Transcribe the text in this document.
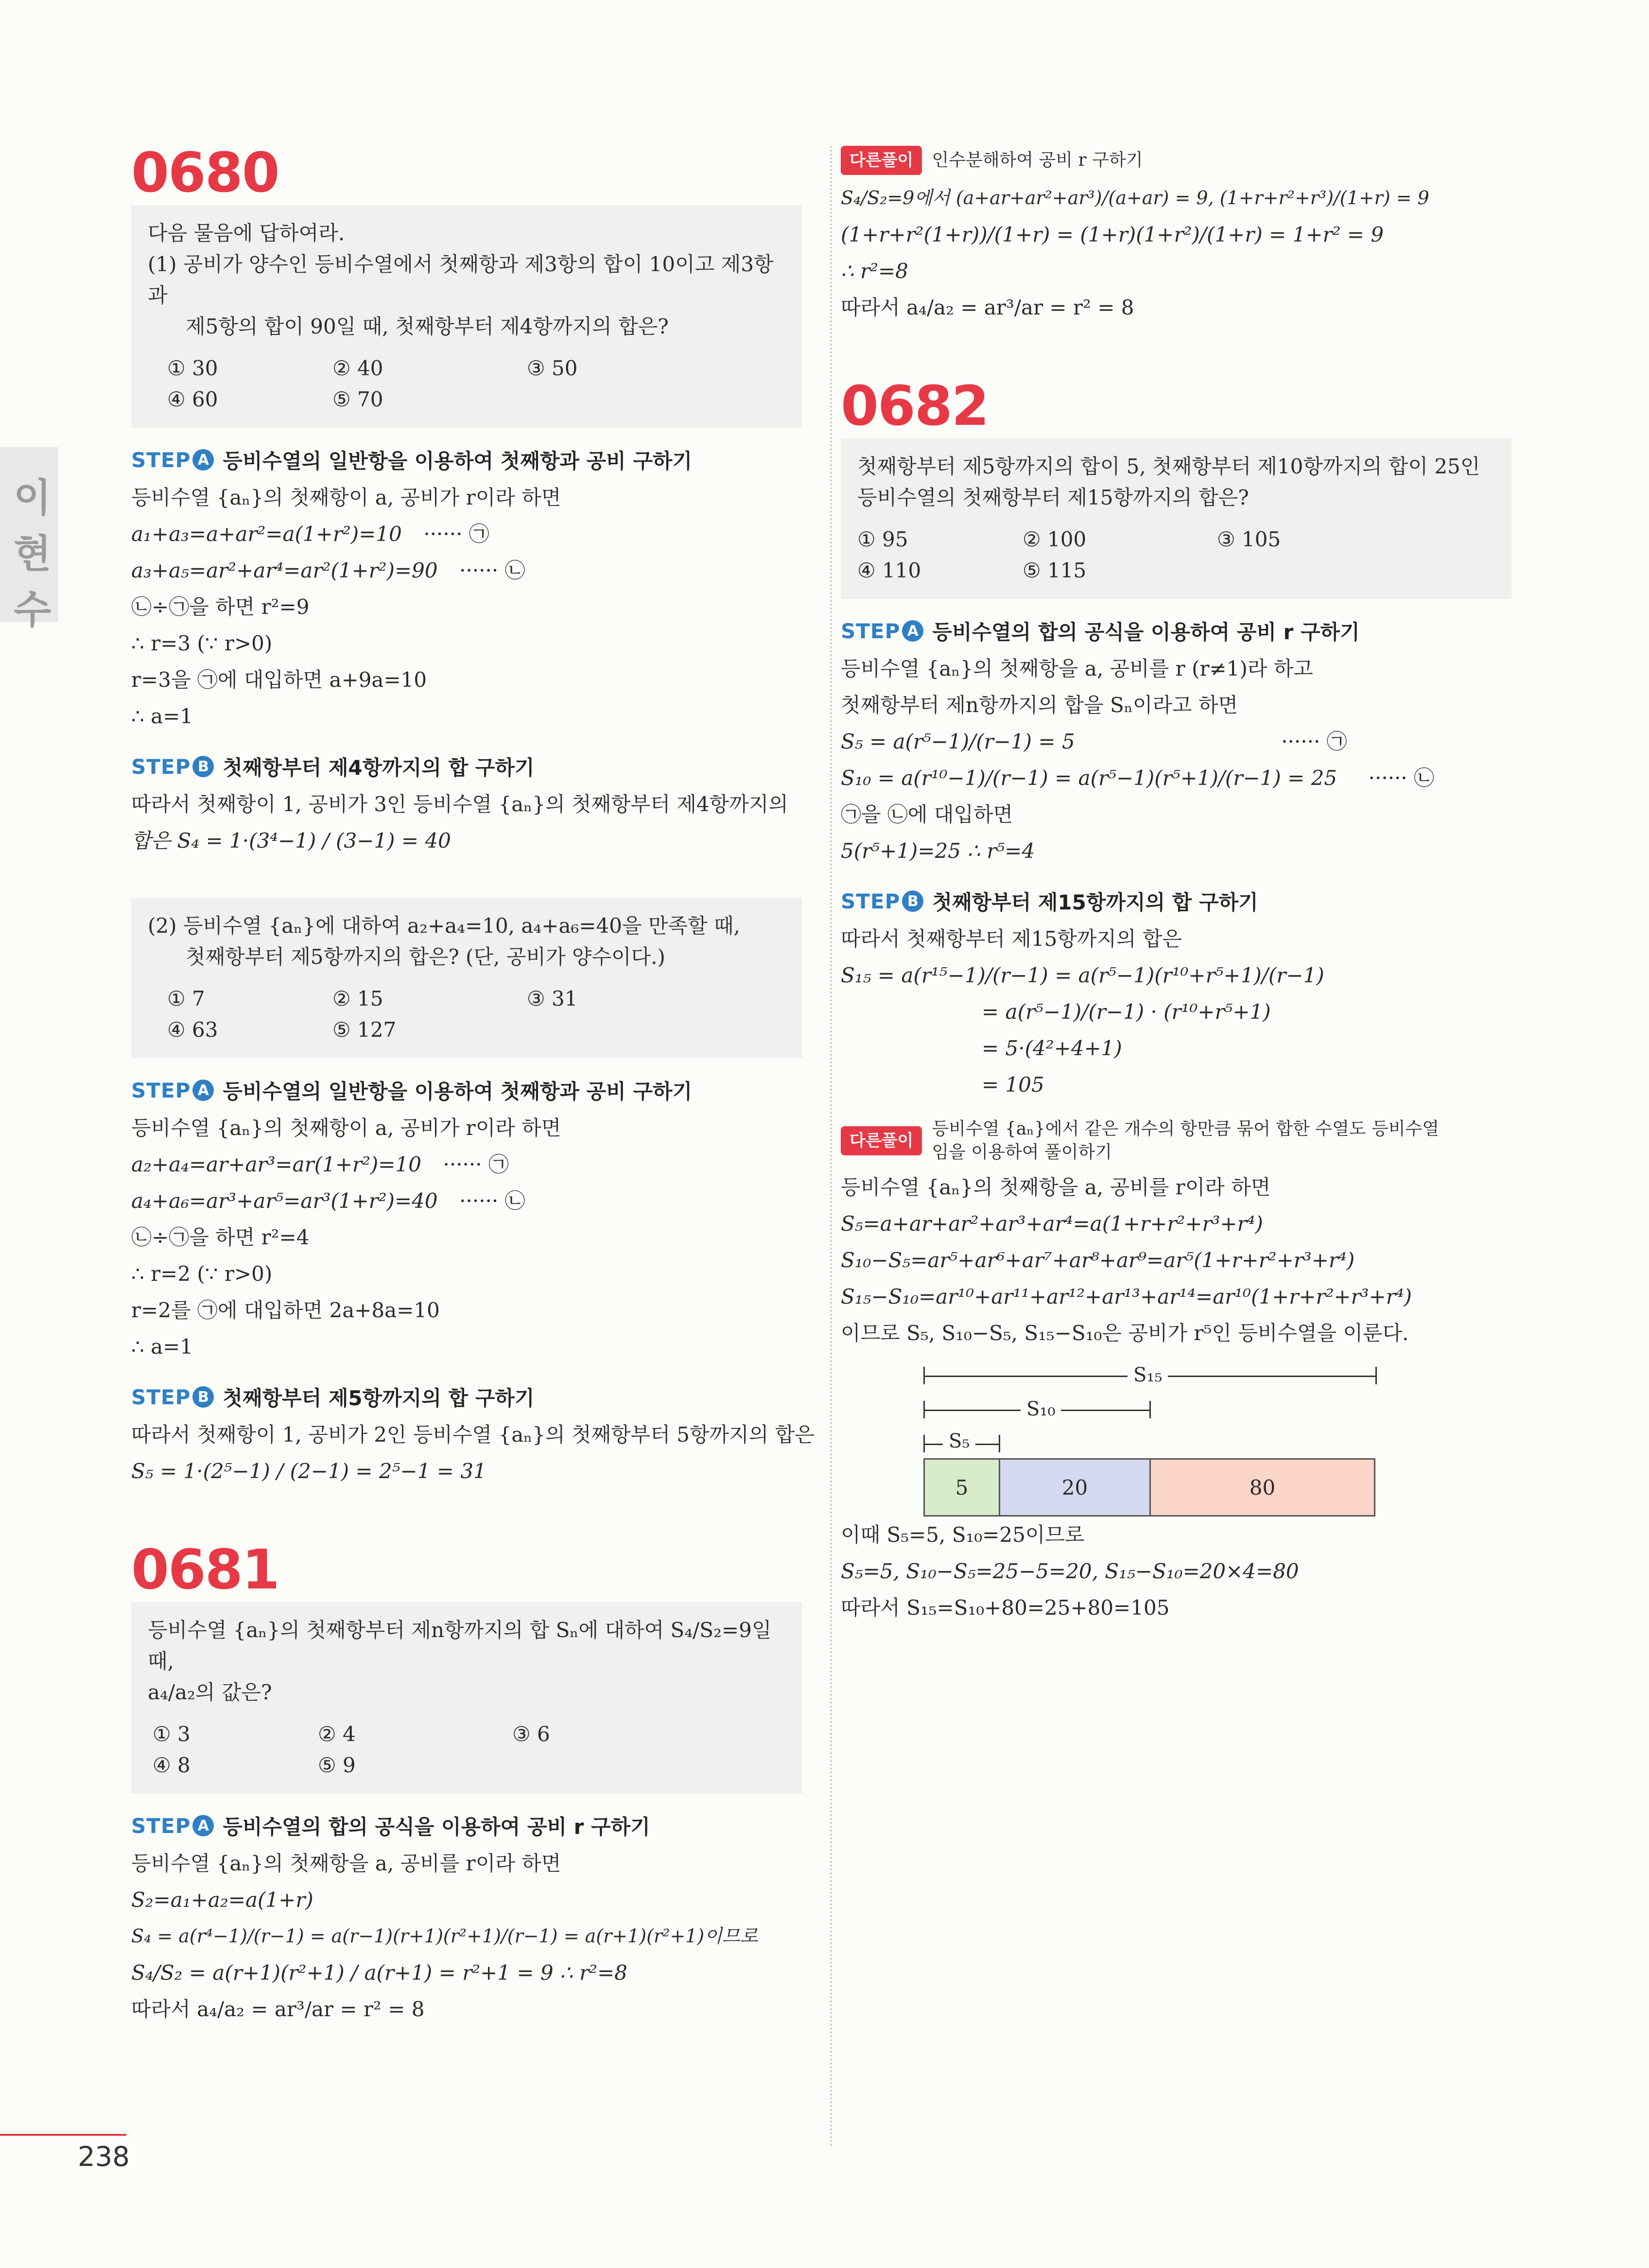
이현수
0680
다음 물음에 답하여라.
(1) 공비가 양수인 등비수열에서 첫째항과 제3항의 합이 10이고 제3항과
제5항의 합이 90일 때, 첫째항부터 제4항까지의 합은?
① 30	② 40	③ 50
④ 60	⑤ 70
STEP A 등비수열의 일반항을 이용하여 첫째항과 공비 구하기
등비수열 {aₙ}의 첫째항이 a, 공비가 r이라 하면
a₁+a₃=a+ar²=a(1+r²)=10 ······ ㉠
a₃+a₅=ar²+ar⁴=ar²(1+r²)=90 ······ ㉡
㉡÷㉠을 하면 r²=9
∴ r=3 (∵ r>0)
r=3을 ㉠에 대입하면 a+9a=10
∴ a=1
STEP B 첫째항부터 제4항까지의 합 구하기
따라서 첫째항이 1, 공비가 3인 등비수열 {aₙ}의 첫째항부터 제4항까지의
합은 S₄ = 1·(3⁴−1) / (3−1) = 40
(2) 등비수열 {aₙ}에 대하여 a₂+a₄=10, a₄+a₆=40을 만족할 때,
첫째항부터 제5항까지의 합은? (단, 공비가 양수이다.)
① 7	② 15	③ 31
④ 63	⑤ 127
STEP A 등비수열의 일반항을 이용하여 첫째항과 공비 구하기
등비수열 {aₙ}의 첫째항이 a, 공비가 r이라 하면
a₂+a₄=ar+ar³=ar(1+r²)=10 ······ ㉠
a₄+a₆=ar³+ar⁵=ar³(1+r²)=40 ······ ㉡
㉡÷㉠을 하면 r²=4
∴ r=2 (∵ r>0)
r=2를 ㉠에 대입하면 2a+8a=10
∴ a=1
STEP B 첫째항부터 제5항까지의 합 구하기
따라서 첫째항이 1, 공비가 2인 등비수열 {aₙ}의 첫째항부터 5항까지의 합은
S₅ = 1·(2⁵−1) / (2−1) = 2⁵−1 = 31
0681
등비수열 {aₙ}의 첫째항부터 제n항까지의 합 Sₙ에 대하여 S₄/S₂=9일 때,
a₄/a₂의 값은?
① 3	② 4	③ 6
④ 8	⑤ 9
STEP A 등비수열의 합의 공식을 이용하여 공비 r 구하기
등비수열 {aₙ}의 첫째항을 a, 공비를 r이라 하면
S₂=a₁+a₂=a(1+r)
S₄ = a(r⁴−1)/(r−1) = a(r−1)(r+1)(r²+1)/(r−1) = a(r+1)(r²+1)이므로
S₄/S₂ = a(r+1)(r²+1) / a(r+1) = r²+1 = 9 ∴ r²=8
따라서 a₄/a₂ = ar³/ar = r² = 8
다른풀이	인수분해하여 공비 r 구하기
S₄/S₂=9에서 (a+ar+ar²+ar³)/(a+ar) = 9, (1+r+r²+r³)/(1+r) = 9
(1+r+r²(1+r))/(1+r) = (1+r)(1+r²)/(1+r) = 1+r² = 9
∴ r²=8
따라서 a₄/a₂ = ar³/ar = r² = 8
0682
첫째항부터 제5항까지의 합이 5, 첫째항부터 제10항까지의 합이 25인
등비수열의 첫째항부터 제15항까지의 합은?
① 95	② 100	③ 105
④ 110	⑤ 115
STEP A 등비수열의 합의 공식을 이용하여 공비 r 구하기
등비수열 {aₙ}의 첫째항을 a, 공비를 r (r≠1)라 하고
첫째항부터 제n항까지의 합을 Sₙ이라고 하면
S₅ = a(r⁵−1)/(r−1) = 5	······ ㉠
S₁₀ = a(r¹⁰−1)/(r−1) = a(r⁵−1)(r⁵+1)/(r−1) = 25 ······ ㉡
㉠을 ㉡에 대입하면
5(r⁵+1)=25 ∴ r⁵=4
STEP B 첫째항부터 제15항까지의 합 구하기
따라서 첫째항부터 제15항까지의 합은
S₁₅ = a(r¹⁵−1)/(r−1) = a(r⁵−1)(r¹⁰+r⁵+1)/(r−1)
= a(r⁵−1)/(r−1) · (r¹⁰+r⁵+1)
= 5·(4²+4+1)
= 105
다른풀이
등비수열 {aₙ}에서 같은 개수의 항만큼 묶어 합한 수열도 등비수열
임을 이용하여 풀이하기
등비수열 {aₙ}의 첫째항을 a, 공비를 r이라 하면
S₅=a+ar+ar²+ar³+ar⁴=a(1+r+r²+r³+r⁴)
S₁₀−S₅=ar⁵+ar⁶+ar⁷+ar⁸+ar⁹=ar⁵(1+r+r²+r³+r⁴)
S₁₅−S₁₀=ar¹⁰+ar¹¹+ar¹²+ar¹³+ar¹⁴=ar¹⁰(1+r+r²+r³+r⁴)
이므로 S₅, S₁₀−S₅, S₁₅−S₁₀은 공비가 r⁵인 등비수열을 이룬다.
S₁₅
S₁₀
S₅
5	20	80
이때 S₅=5, S₁₀=25이므로
S₅=5, S₁₀−S₅=25−5=20, S₁₅−S₁₀=20×4=80
따라서 S₁₅=S₁₀+80=25+80=105
238
